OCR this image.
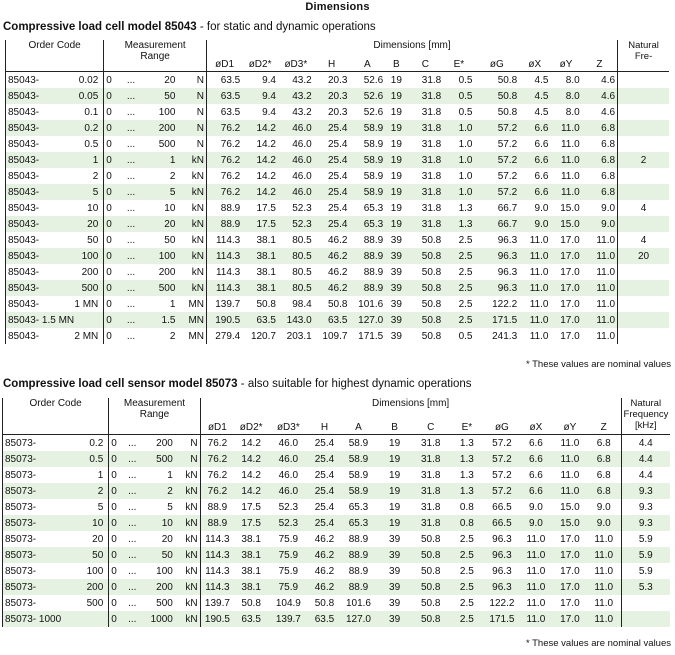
Dimensions
Compressive load cell model 85043 - for static and dynamic operations
Order Code	Measurement
Range	Dimensions [mm]												Natural
Fre-
		øD1	øD2*	øD3*	H	A	B	C	E*	øG	øX	øY	Z	

85043- 0.02	0 ... 20 N	63.5	9.4	43.2	20.3	52.6	19	31.8	0.5	50.8	4.5	8.0	4.6	

85043- 0.05	0 ... 50 N	63.5	9.4	43.2	20.3	52.6	19	31.8	0.5	50.8	4.5	8.0	4.6	

85043- 0.1	0 ... 100 N	63.5	9.4	43.2	20.3	52.6	19	31.8	0.5	50.8	4.5	8.0	4.6	

85043- 0.2	0 ... 200 N	76.2	14.2	46.0	25.4	58.9	19	31.8	1.0	57.2	6.6	11.0	6.8	

85043- 0.5	0 ... 500 N	76.2	14.2	46.0	25.4	58.9	19	31.8	1.0	57.2	6.6	11.0	6.8	

85043- 1	0 ... 1 kN	76.2	14.2	46.0	25.4	58.9	19	31.8	1.0	57.2	6.6	11.0	6.8	2

85043- 2	0 ... 2 kN	76.2	14.2	46.0	25.4	58.9	19	31.8	1.0	57.2	6.6	11.0	6.8	

85043- 5	0 ... 5 kN	76.2	14.2	46.0	25.4	58.9	19	31.8	1.0	57.2	6.6	11.0	6.8	

85043- 10	0 ... 10 kN	88.9	17.5	52.3	25.4	65.3	19	31.8	1.3	66.7	9.0	15.0	9.0	4

85043- 20	0 ... 20 kN	88.9	17.5	52.3	25.4	65.3	19	31.8	1.3	66.7	9.0	15.0	9.0	

85043- 50	0 ... 50 kN	114.3	38.1	80.5	46.2	88.9	39	50.8	2.5	96.3	11.0	17.0	11.0	4

85043- 100	0 ... 100 kN	114.3	38.1	80.5	46.2	88.9	39	50.8	2.5	96.3	11.0	17.0	11.0	20

85043- 200	0 ... 200 kN	114.3	38.1	80.5	46.2	88.9	39	50.8	2.5	96.3	11.0	17.0	11.0	

85043- 500	0 ... 500 kN	114.3	38.1	80.5	46.2	88.9	39	50.8	2.5	96.3	11.0	17.0	11.0	

85043- 1 MN	0 ... 1 MN	139.7	50.8	98.4	50.8	101.6	39	50.8	2.5	122.2	11.0	17.0	11.0	

85043- 1.5 MN	0 ... 1.5 MN	190.5	63.5	143.0	63.5	127.0	39	50.8	2.5	171.5	11.0	17.0	11.0	

85043- 2 MN	0 ... 2 MN	279.4	120.7	203.1	109.7	171.5	39	50.8	0.5	241.3	11.0	17.0	11.0	
* These values are nominal values
Compressive load cell sensor model 85073 - also suitable for highest dynamic operations
Order Code	Measurement
Range	Dimensions [mm]												Natural
Frequency
[kHz]
		øD1	øD2*	øD3*	H	A	B	C	E*	øG	øX	øY	Z	

85073- 0.2	0 ... 200 N	76.2	14.2	46.0	25.4	58.9	19	31.8	1.3	57.2	6.6	11.0	6.8	4.4

85073- 0.5	0 ... 500 N	76.2	14.2	46.0	25.4	58.9	19	31.8	1.3	57.2	6.6	11.0	6.8	4.4

85073- 1	0 ... 1 kN	76.2	14.2	46.0	25.4	58.9	19	31.8	1.3	57.2	6.6	11.0	6.8	4.4

85073- 2	0 ... 2 kN	76.2	14.2	46.0	25.4	58.9	19	31.8	1.3	57.2	6.6	11.0	6.8	9.3

85073- 5	0 ... 5 kN	88.9	17.5	52.3	25.4	65.3	19	31.8	0.8	66.5	9.0	15.0	9.0	9.3

85073- 10	0 ... 10 kN	88.9	17.5	52.3	25.4	65.3	19	31.8	0.8	66.5	9.0	15.0	9.0	9.3

85073- 20	0 ... 20 kN	114.3	38.1	75.9	46.2	88.9	39	50.8	2.5	96.3	11.0	17.0	11.0	5.9

85073- 50	0 ... 50 kN	114.3	38.1	75.9	46.2	88.9	39	50.8	2.5	96.3	11.0	17.0	11.0	5.9

85073- 100	0 ... 100 kN	114.3	38.1	75.9	46.2	88.9	39	50.8	2.5	96.3	11.0	17.0	11.0	5.9

85073- 200	0 ... 200 kN	114.3	38.1	75.9	46.2	88.9	39	50.8	2.5	96.3	11.0	17.0	11.0	5.3

85073- 500	0 ... 500 kN	139.7	50.8	104.9	50.8	101.6	39	50.8	2.5	122.2	11.0	17.0	11.0	

85073- 1000	0 ... 1000 kN	190.5	63.5	139.7	63.5	127.0	39	50.8	2.5	171.5	11.0	17.0	11.0	
* These values are nominal values
